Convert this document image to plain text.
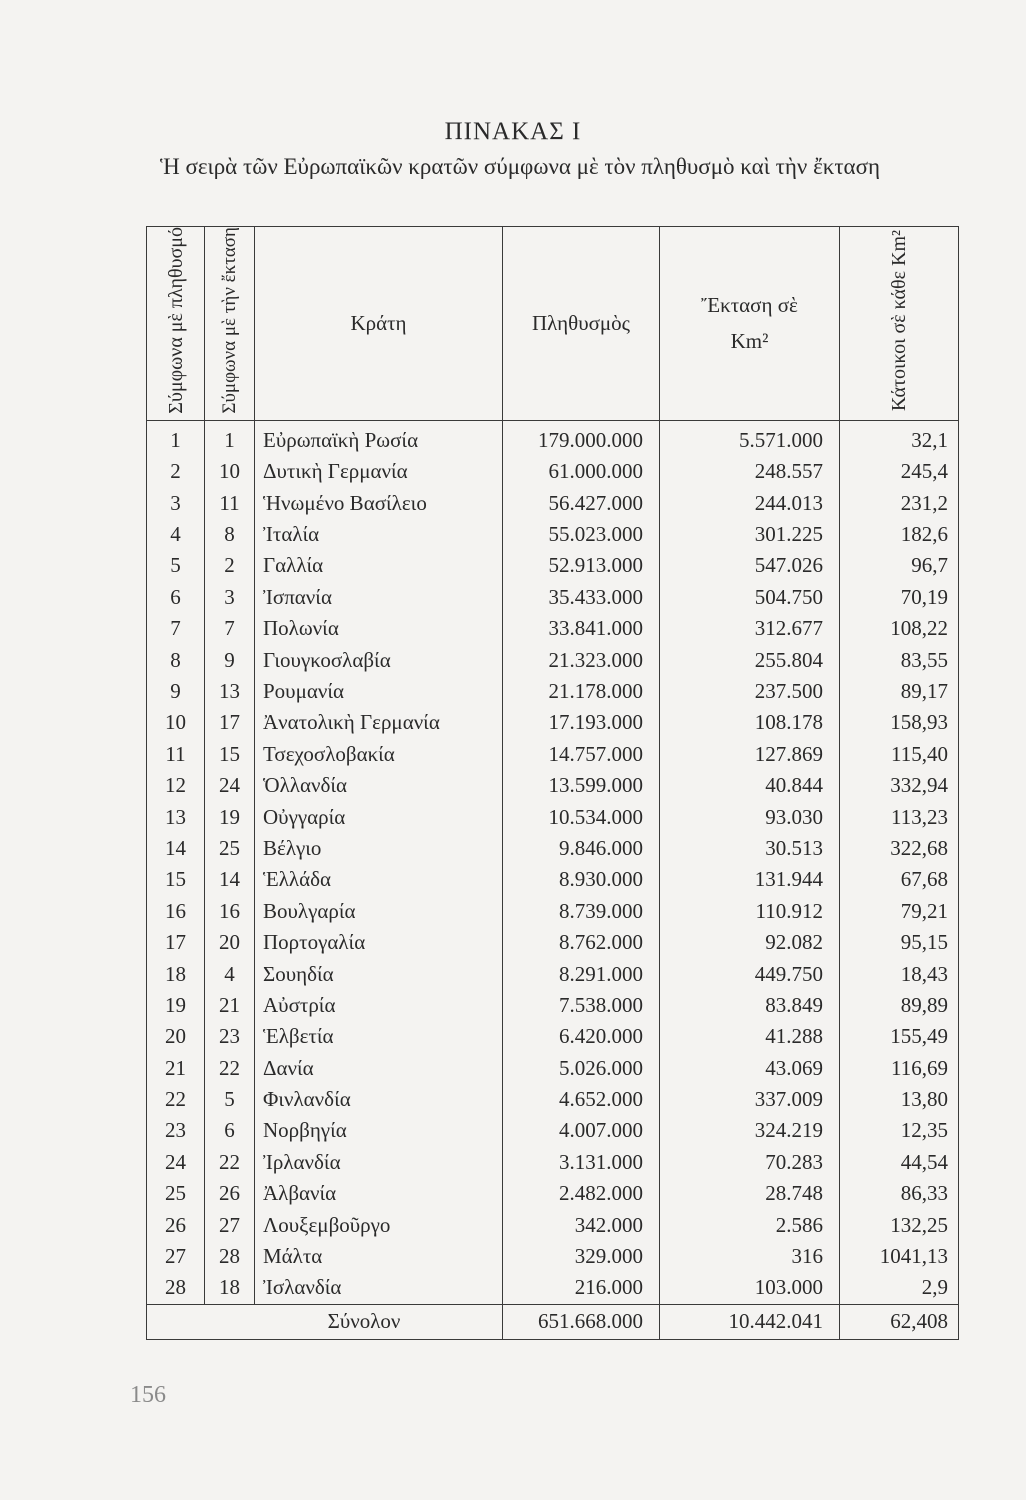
ΠΙΝΑΚΑΣ Ι
Ἡ σειρὰ τῶν Εὐρωπαϊκῶν κρατῶν σύμφωνα μὲ τὸν πληθυσμὸ καὶ τὴν ἔκταση
Σύμφωνα μὲ πληθυσμό	Σύμφωνα μὲ τὴν ἔκταση	Κράτη	Πληθυσμὸς	Ἔκταση σὲ Km²	Κάτοικοι σὲ κάθε Km²
1	1	Εὐρωπαϊκὴ Ρωσία	179.000.000	5.571.000	32,1
2	10	Δυτικὴ Γερμανία	61.000.000	248.557	245,4
3	11	Ἡνωμένο Βασίλειο	56.427.000	244.013	231,2
4	8	Ἰταλία	55.023.000	301.225	182,6
5	2	Γαλλία	52.913.000	547.026	96,7
6	3	Ἰσπανία	35.433.000	504.750	70,19
7	7	Πολωνία	33.841.000	312.677	108,22
8	9	Γιουγκοσλαβία	21.323.000	255.804	83,55
9	13	Ρουμανία	21.178.000	237.500	89,17
10	17	Ἀνατολικὴ Γερμανία	17.193.000	108.178	158,93
11	15	Τσεχοσλοβακία	14.757.000	127.869	115,40
12	24	Ὁλλανδία	13.599.000	40.844	332,94
13	19	Οὐγγαρία	10.534.000	93.030	113,23
14	25	Βέλγιο	9.846.000	30.513	322,68
15	14	Ἑλλάδα	8.930.000	131.944	67,68
16	16	Βουλγαρία	8.739.000	110.912	79,21
17	20	Πορτογαλία	8.762.000	92.082	95,15
18	4	Σουηδία	8.291.000	449.750	18,43
19	21	Αὐστρία	7.538.000	83.849	89,89
20	23	Ἑλβετία	6.420.000	41.288	155,49
21	22	Δανία	5.026.000	43.069	116,69
22	5	Φινλανδία	4.652.000	337.009	13,80
23	6	Νορβηγία	4.007.000	324.219	12,35
24	22	Ἰρλανδία	3.131.000	70.283	44,54
25	26	Ἀλβανία	2.482.000	28.748	86,33
26	27	Λουξεμβοῦργο	342.000	2.586	132,25
27	28	Μάλτα	329.000	316	1041,13
28	18	Ἰσλανδία	216.000	103.000	2,9
Σύνολον			651.668.000	10.442.041	62,408
156
